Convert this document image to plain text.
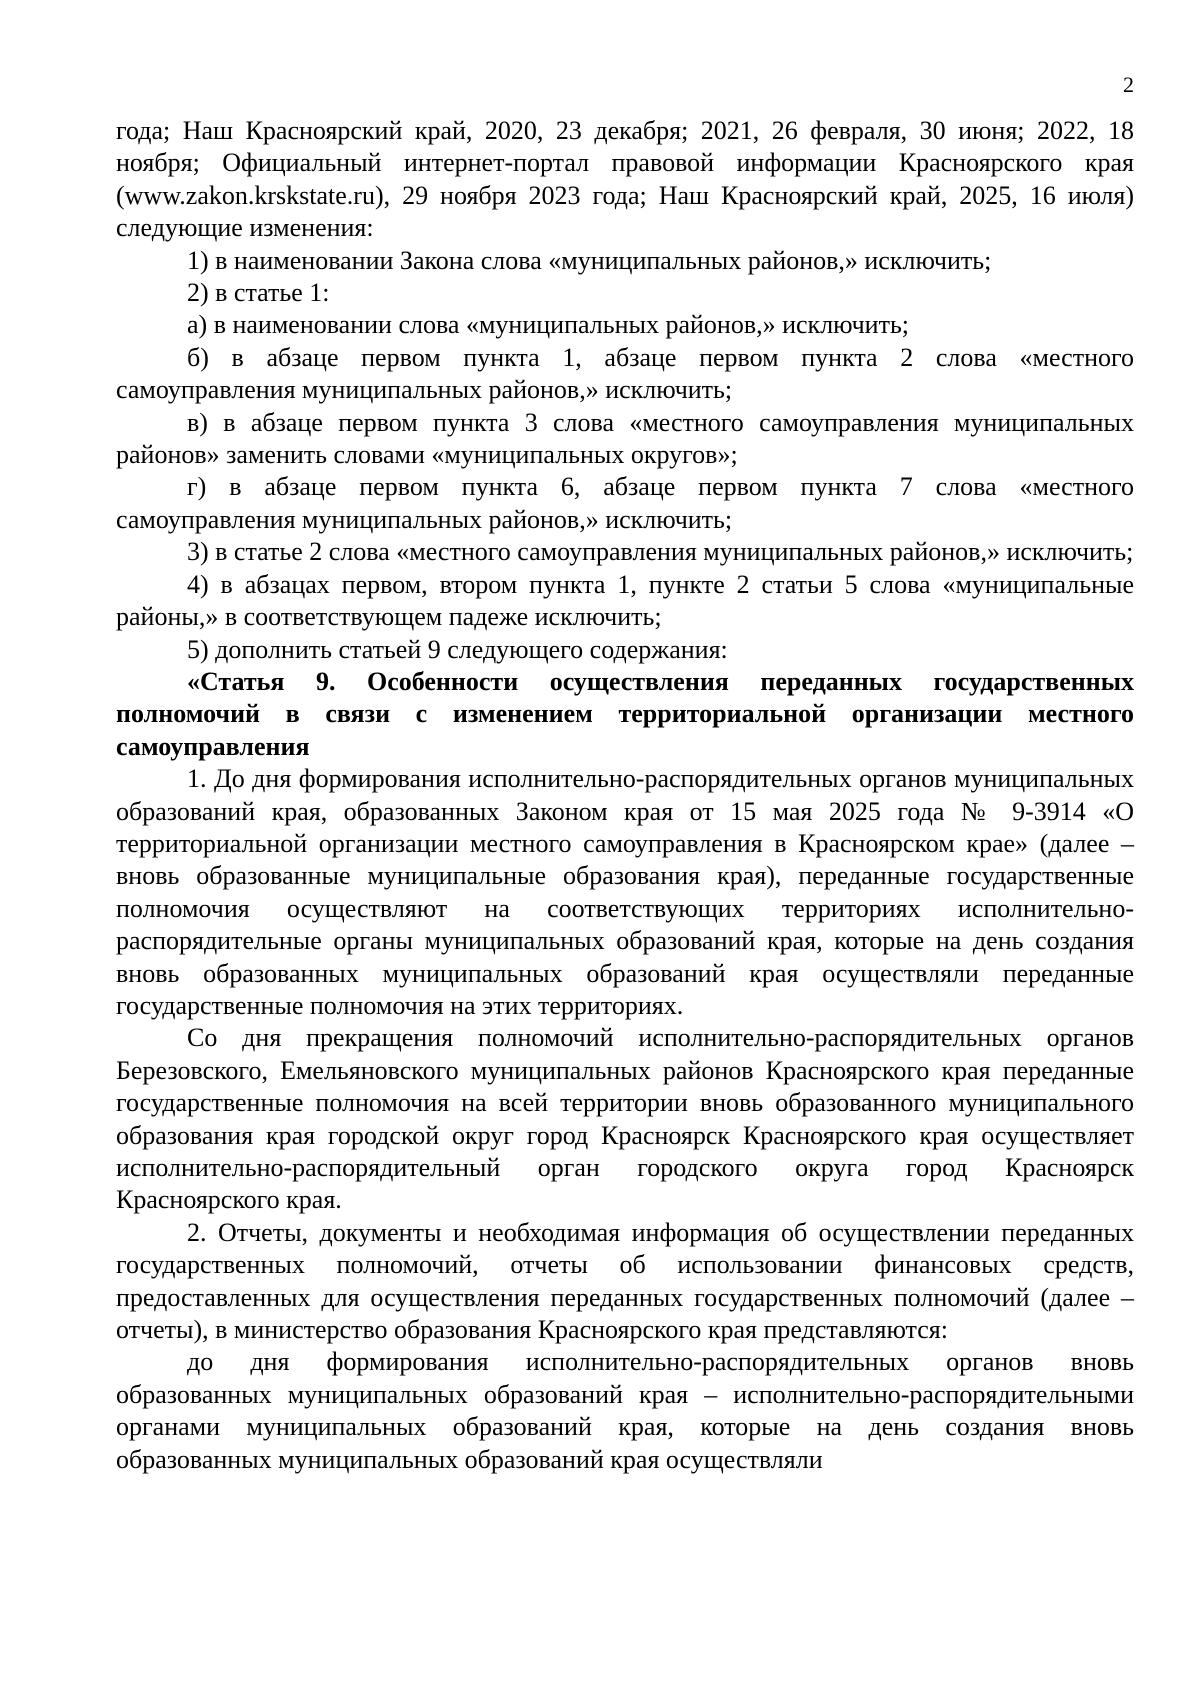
2

года; Наш Красноярский край, 2020, 23 декабря; 2021, 26 февраля, 30 июня; 2022, 18 ноября; Официальный интернет-портал правовой информации Красноярского края (www.zakon.krskstate.ru), 29 ноября 2023 года; Наш Красноярский край, 2025, 16 июля) следующие изменения:

1) в наименовании Закона слова «муниципальных районов,» исключить;

2) в статье 1:

а) в наименовании слова «муниципальных районов,» исключить;

б) в абзаце первом пункта 1, абзаце первом пункта 2 слова «местного самоуправления муниципальных районов,» исключить;

в) в абзаце первом пункта 3 слова «местного самоуправления муниципальных районов» заменить словами «муниципальных округов»;

г) в абзаце первом пункта 6, абзаце первом пункта 7 слова «местного самоуправления муниципальных районов,» исключить;

3) в статье 2 слова «местного самоуправления муниципальных районов,» исключить;

4) в абзацах первом, втором пункта 1, пункте 2 статьи 5 слова «муниципальные районы,» в соответствующем падеже исключить;

5) дополнить статьей 9 следующего содержания:

«Статья 9. Особенности осуществления переданных государственных полномочий в связи с изменением территориальной организации местного самоуправления

1. До дня формирования исполнительно-распорядительных органов муниципальных образований края, образованных Законом края от 15 мая 2025 года № 9-3914 «О территориальной организации местного самоуправления в Красноярском крае» (далее – вновь образованные муниципальные образования края), переданные государственные полномочия осуществляют на соответствующих территориях исполнительно-распорядительные органы муниципальных образований края, которые на день создания вновь образованных муниципальных образований края осуществляли переданные государственные полномочия на этих территориях.

Со дня прекращения полномочий исполнительно-распорядительных органов Березовского, Емельяновского муниципальных районов Красноярского края переданные государственные полномочия на всей территории вновь образованного муниципального образования края городской округ город Красноярск Красноярского края осуществляет исполнительно-распорядительный орган городского округа город Красноярск Красноярского края.

2. Отчеты, документы и необходимая информация об осуществлении переданных государственных полномочий, отчеты об использовании финансовых средств, предоставленных для осуществления переданных государственных полномочий (далее – отчеты), в министерство образования Красноярского края представляются:

до дня формирования исполнительно-распорядительных органов вновь образованных муниципальных образований края – исполнительно-распорядительными органами муниципальных образований края, которые на день создания вновь образованных муниципальных образований края осуществляли
